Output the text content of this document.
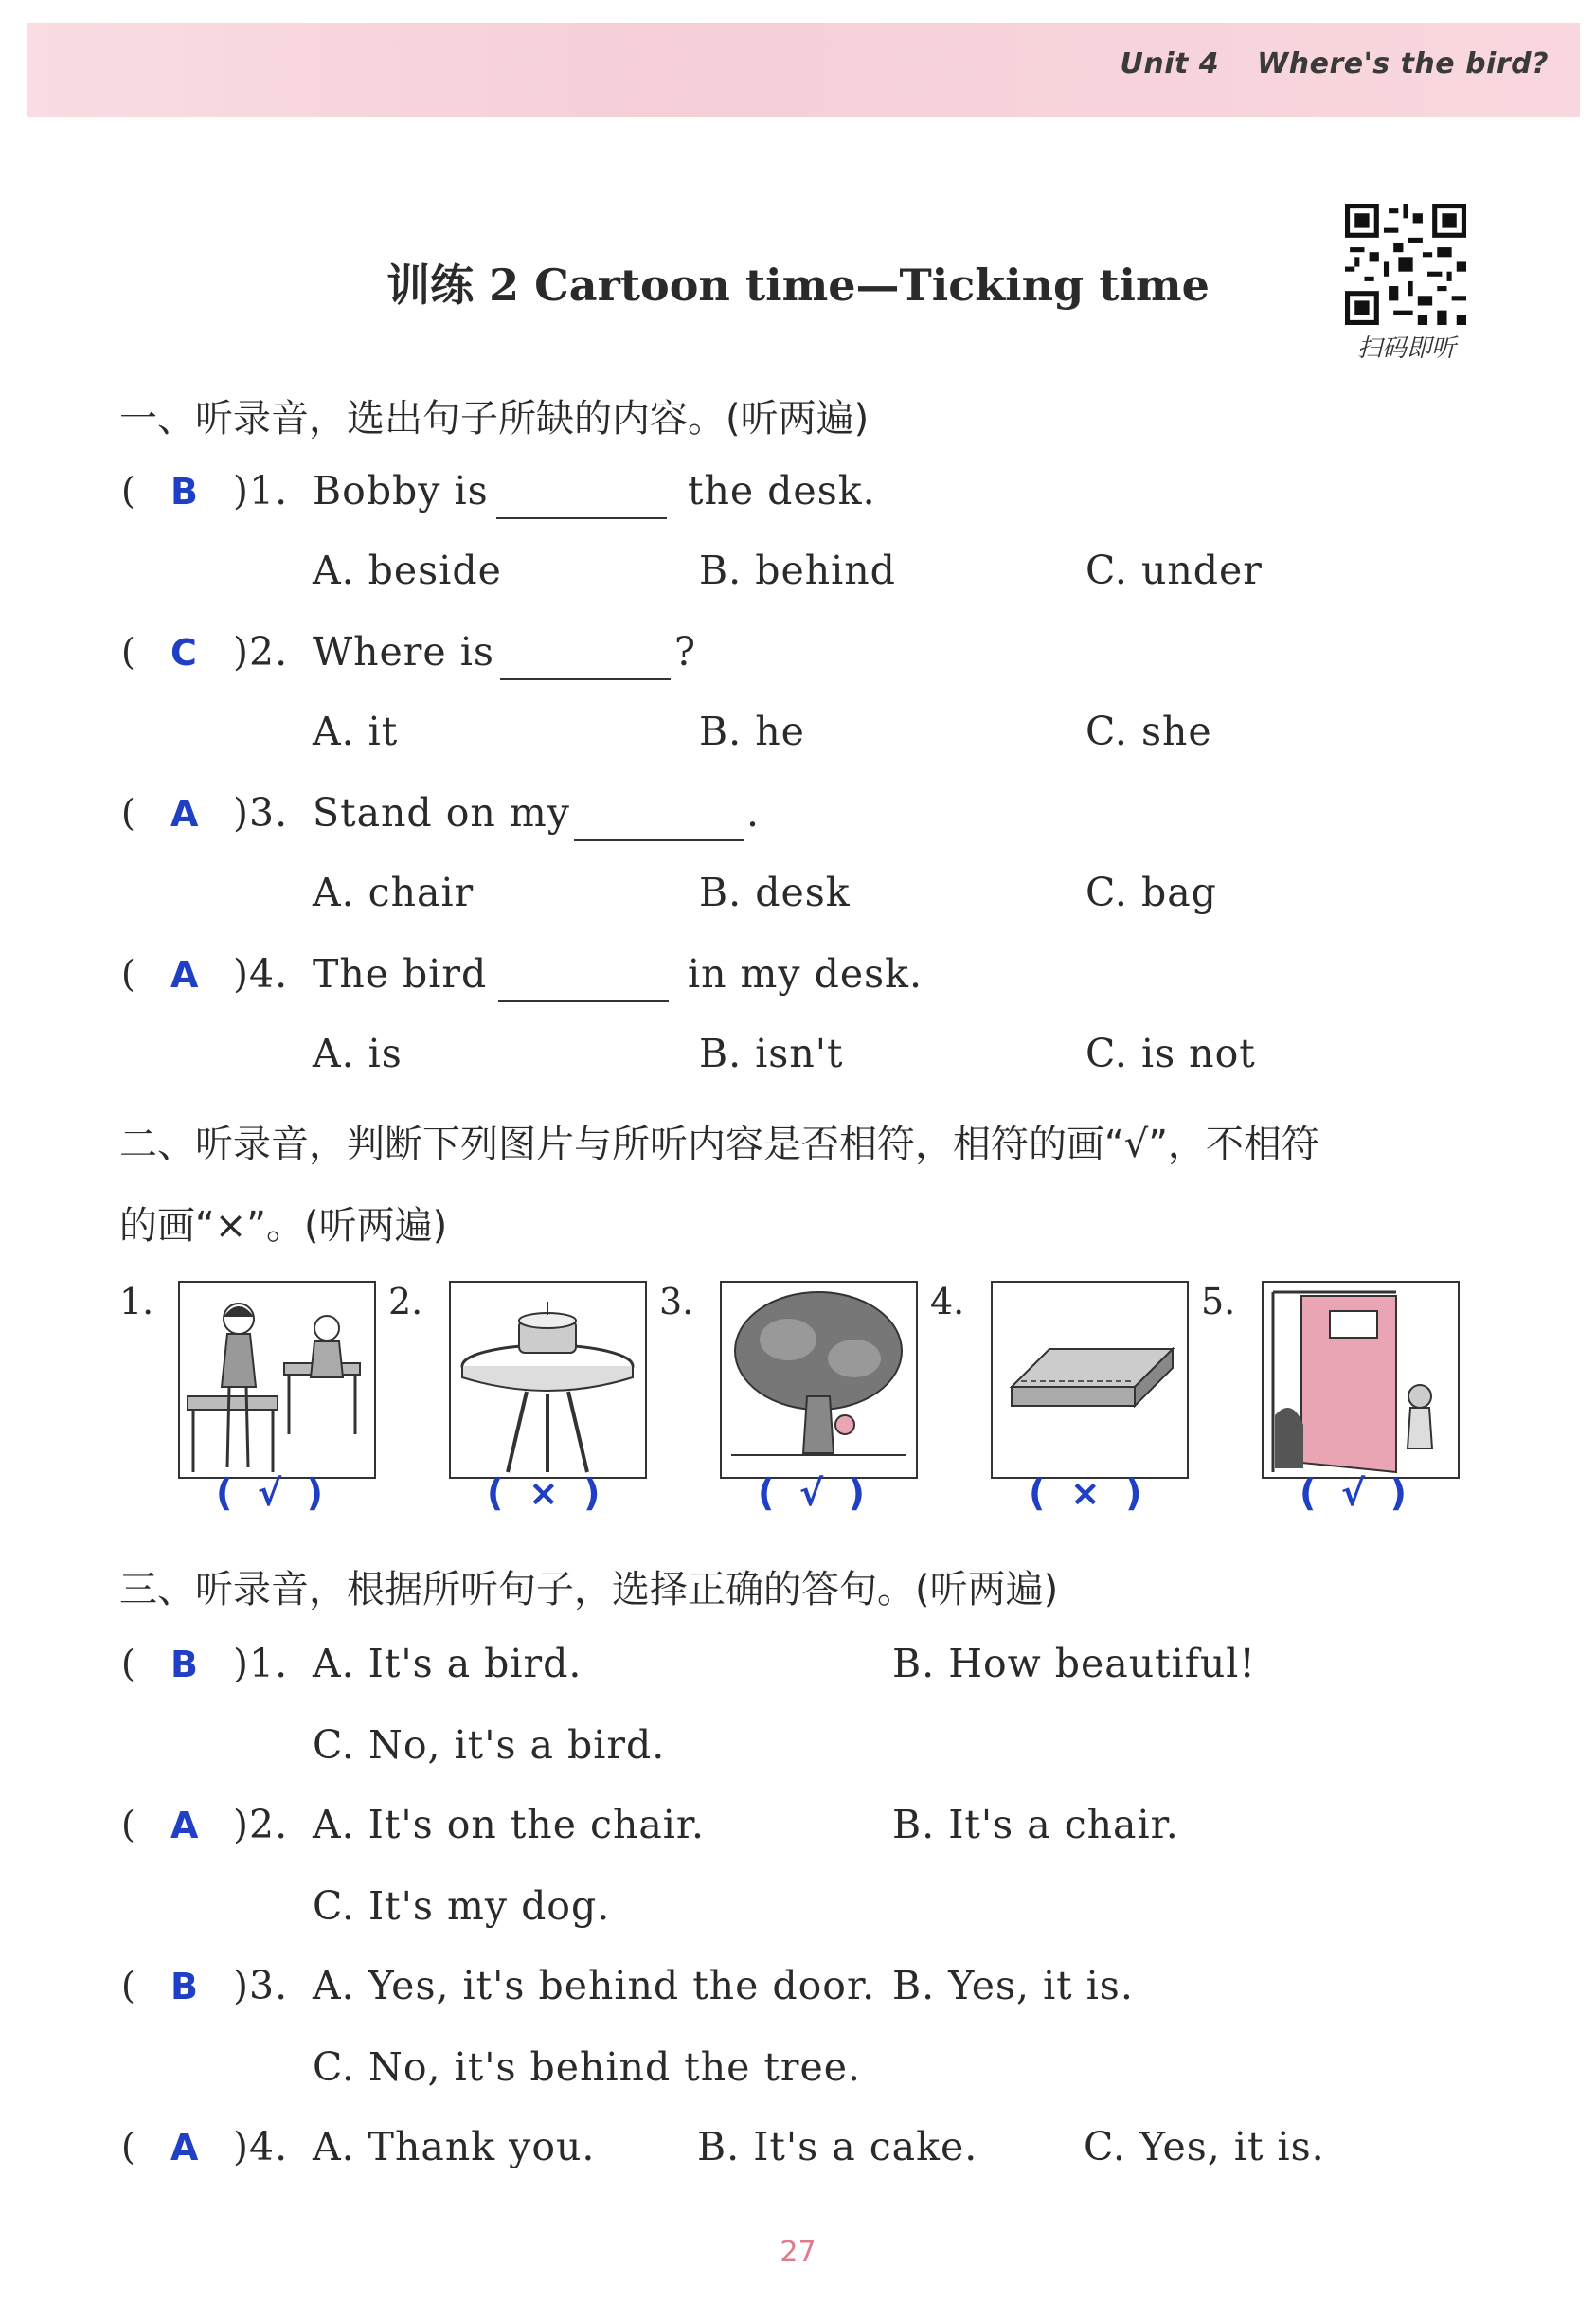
Unit 4 Where's the bird?
训练 2 Cartoon time—Ticking time
扫码即听
一、听录音，选出句子所缺的内容。(听两遍)
( B )1. Bobby is	the desk.
A. beside	B. behind	C. under
( C )2. Where is	?
A. it	B. he	C. she
( A )3. Stand on my	.
A. chair	B. desk	C. bag
( A )4. The bird	in my desk.
A. is	B. isn't	C. is not
二、听录音，判断下列图片与所听内容是否相符，相符的画“√”，不相符
的画“×”。(听两遍)
1.
(  √  )
2.
(  ×  )
3.
(  √  )
4.
(  ×  )
5.
(  √  )
三、听录音，根据所听句子，选择正确的答句。(听两遍)
( B )1. A. It's a bird.	B. How beautiful!
C. No, it's a bird.
( A )2. A. It's on the chair.	B. It's a chair.
C. It's my dog.
( B )3. A. Yes, it's behind the door. B. Yes, it is.
C. No, it's behind the tree.
( A )4. A. Thank you.	B. It's a cake.	C. Yes, it is.
27
